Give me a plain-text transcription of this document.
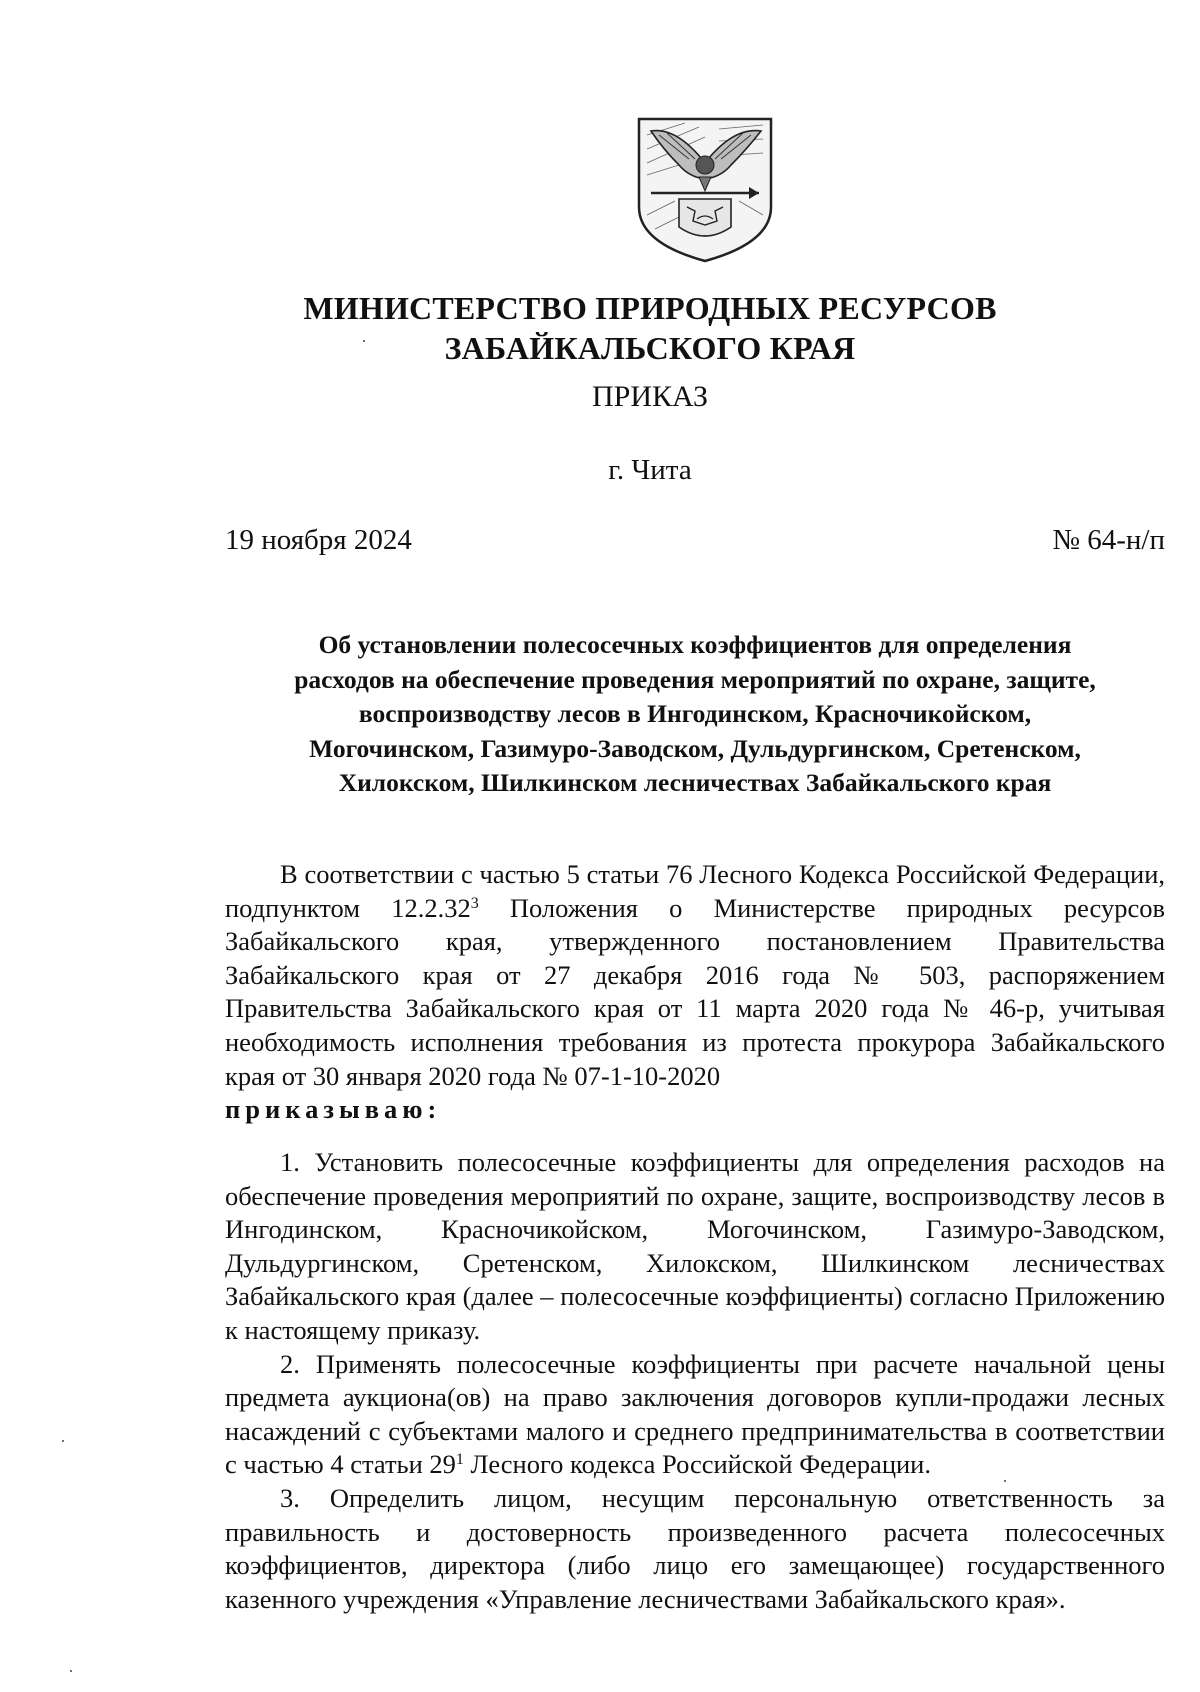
МИНИСТЕРСТВО ПРИРОДНЫХ РЕСУРСОВ
ЗАБАЙКАЛЬСКОГО КРАЯ
ПРИКАЗ
г. Чита
19 ноября 2024	№ 64-н/п
Об установлении полесосечных коэффициентов для определения
расходов на обеспечение проведения мероприятий по охране, защите,
воспроизводству лесов в Ингодинском, Красночикойском,
Могочинском, Газимуро-Заводском, Дульдургинском, Сретенском,
Хилокском, Шилкинском лесничествах Забайкальского края

В соответствии с частью 5 статьи 76 Лесного Кодекса Российской Федерации, подпунктом 12.2.32$^3$ Положения о Министерстве природных ресурсов Забайкальского края, утвержденного постановлением Правительства Забайкальского края от 27 декабря 2016 года № 503, распоряжением Правительства Забайкальского края от 11 марта 2020 года № 46-р, учитывая необходимость исполнения требования из протеста прокурора Забайкальского края от 30 января 2020 года № 07-1-10-2020

приказываю:

1. Установить полесосечные коэффициенты для определения расходов на обеспечение проведения мероприятий по охране, защите, воспроизводству лесов в Ингодинском, Красночикойском, Могочинском, Газимуро-Заводском, Дульдургинском, Сретенском, Хилокском, Шилкинском лесничествах Забайкальского края (далее – полесосечные коэффициенты) согласно Приложению к настоящему приказу.

2. Применять полесосечные коэффициенты при расчете начальной цены предмета аукциона(ов) на право заключения договоров купли-продажи лесных насаждений с субъектами малого и среднего предпринимательства в соответствии с частью 4 статьи $29^1$ Лесного кодекса Российской Федерации.

3. Определить лицом, несущим персональную ответственность за правильность и достоверность произведенного расчета полесосечных коэффициентов, директора (либо лицо его замещающее) государственного казенного учреждения «Управление лесничествами Забайкальского края».
